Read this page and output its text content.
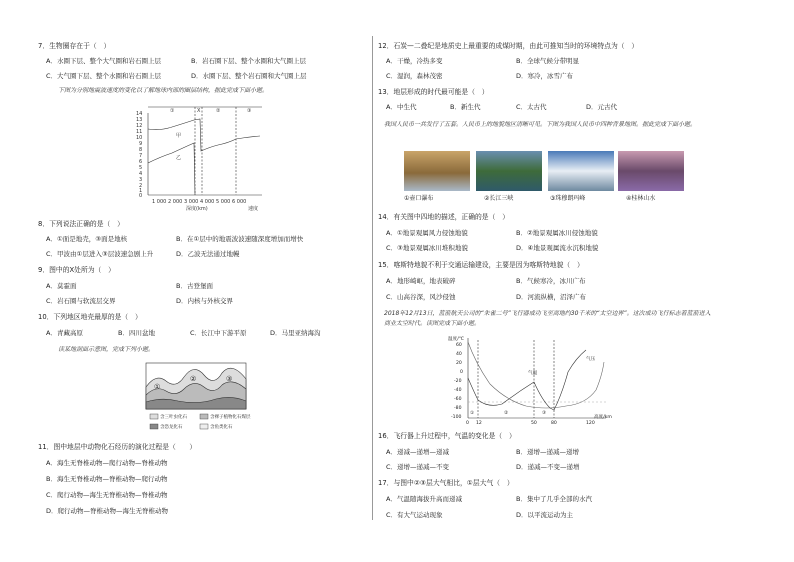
7．生物圈存在于（　）
A．水圈下层、整个大气圈和岩石圈上层	B．岩石圈下层、整个水圈和大气圈上层
C．大气圈下层、整个水圈和岩石圈上层	D．水圈下层、整个岩石圈和大气圈上层
下图为分别地震波速度的变化以了解地球内部的圈层结构，据此完成下面小题。
14
13
12
11
10
9
8
7
6
5
4
3
2
1
0
①	X	②	③
甲
乙
1 000 2 000 3 000 4 000 5 000 6 000
深度(km)	速度
8．下列说法正确的是（　）
A．①面是地壳，③面是地核	B．在①层中的地震波波速随深度增加而增快
C．甲波由①层进入③层波速急剧上升	D．乙波无法通过地幔
9．图中的X处所为（　）
A．莫霍面	B．古登堡面
C．岩石圈与软流层交界	D．内核与外核交界
10．下列地区地壳最厚的是（　）
A．青藏高原	B．四川盆地	C．长江中下游平原	D．马里亚纳海沟
读某地剖面示意图，完成下列小题。
①
②	③
含三叶虫化石	含裸子植物化石煤层
含恐龙化石	含鱼类化石
11．图中地层中动物化石经历的演化过程是（　　）
A．海生无脊椎动物—爬行动物—脊椎动物
B．海生无脊椎动物—脊椎动物—爬行动物
C．爬行动物—海生无脊椎动物—脊椎动物
D．爬行动物—脊椎动物—海生无脊椎动物
12．石炭—二叠纪是地质史上最重要的成煤时期，由此可推知当时的环境特点为（　）
A．干燥，冷热多变	B．全球气候分带明显
C．湿润，森林茂密	D．寒冷，冰雪广布
13．地层形成的时代最可能是（　）
A．中生代	B．新生代	C．太古代	D．元古代
我国人民币一共发行了五套。人民币上的地貌地区清晰可见。下图为我国人民币中四种背景地图。据此完成下面小题。
①壶口瀑布	②长江三峡	③珠穆朗玛峰	④桂林山水
14．有关图中四地的描述，正确的是（　）
A．①地景观属风力侵蚀地貌	B．②地景观属冰川侵蚀地貌
C．③地景观属冰川堆积地貌	D．④地景观属流水沉积地貌
15．喀斯特地貌不利于交通运输建设，主要是因为喀斯特地貌（　）
A．地形崎岖，地表破碎	B．气候寒冷，冰川广布
C．山高谷深，风沙侵蚀	D．河流纵横，沼泽广布
2018年12月13日，蓝箭航天公司的“朱雀二号”飞行器成功飞至离地约30千米的“太空边界”。这次成功飞行标志着蓝箭进入商业太空时代。读图完成下面小题。
温度/℃
60
40
20
0
-20
-40
-60
-80
-100
0 12	50	80	120
高度/km
①	②	③
气温
气压
16．飞行器上升过程中，气温的变化是（　）
A．递减—递增—递减	B．递增—递减—递增
C．递增—递减—不变	D．递减—不变—递增
17．与图中②③层大气相比，①层大气（　）
A．气温随海拔升高而递减	B．集中了几乎全部的水汽
C．有大气运动现象	D．以平流运动为主
